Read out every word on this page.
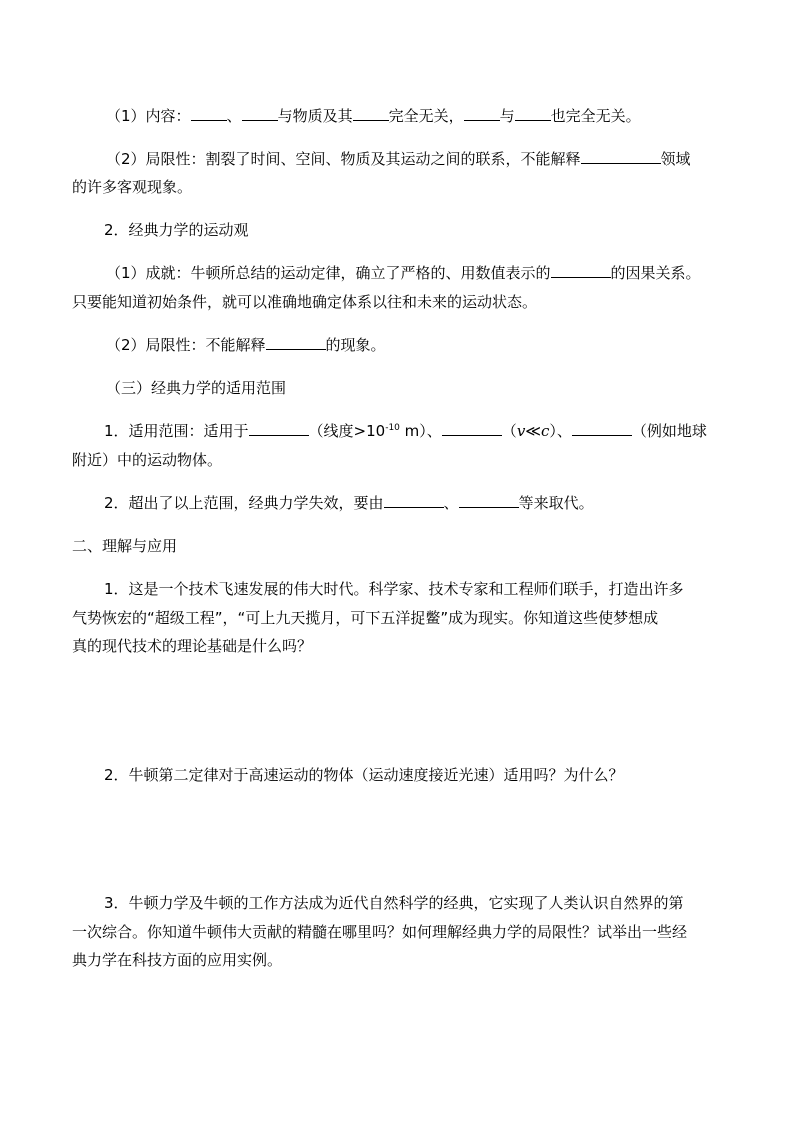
（1）内容： 、 与物质及其 完全无关， 与 也完全无关。
（2）局限性：割裂了时间、空间、物质及其运动之间的联系，不能解释	领域
的许多客观现象。
2．经典力学的运动观
（1）成就：牛顿所总结的运动定律，确立了严格的、用数值表示的	的因果关系。
只要能知道初始条件，就可以准确地确定体系以往和未来的运动状态。
（2）局限性：不能解释	的现象。
（三）经典力学的适用范围
1．适用范围：适用于	（线度$>10^{-10}$ m）、	（v≪c）、	（例如地球
附近）中的运动物体。
2．超出了以上范围，经典力学失效，要由	、	等来取代。
二、理解与应用
1．这是一个技术飞速发展的伟大时代。科学家、技术专家和工程师们联手，打造出许多
气势恢宏的“超级工程”，“可上九天揽月，可下五洋捉鳖”成为现实。你知道这些使梦想成
真的现代技术的理论基础是什么吗？
2．牛顿第二定律对于高速运动的物体（运动速度接近光速）适用吗？为什么？
3．牛顿力学及牛顿的工作方法成为近代自然科学的经典，它实现了人类认识自然界的第
一次综合。你知道牛顿伟大贡献的精髓在哪里吗？如何理解经典力学的局限性？试举出一些经
典力学在科技方面的应用实例。
